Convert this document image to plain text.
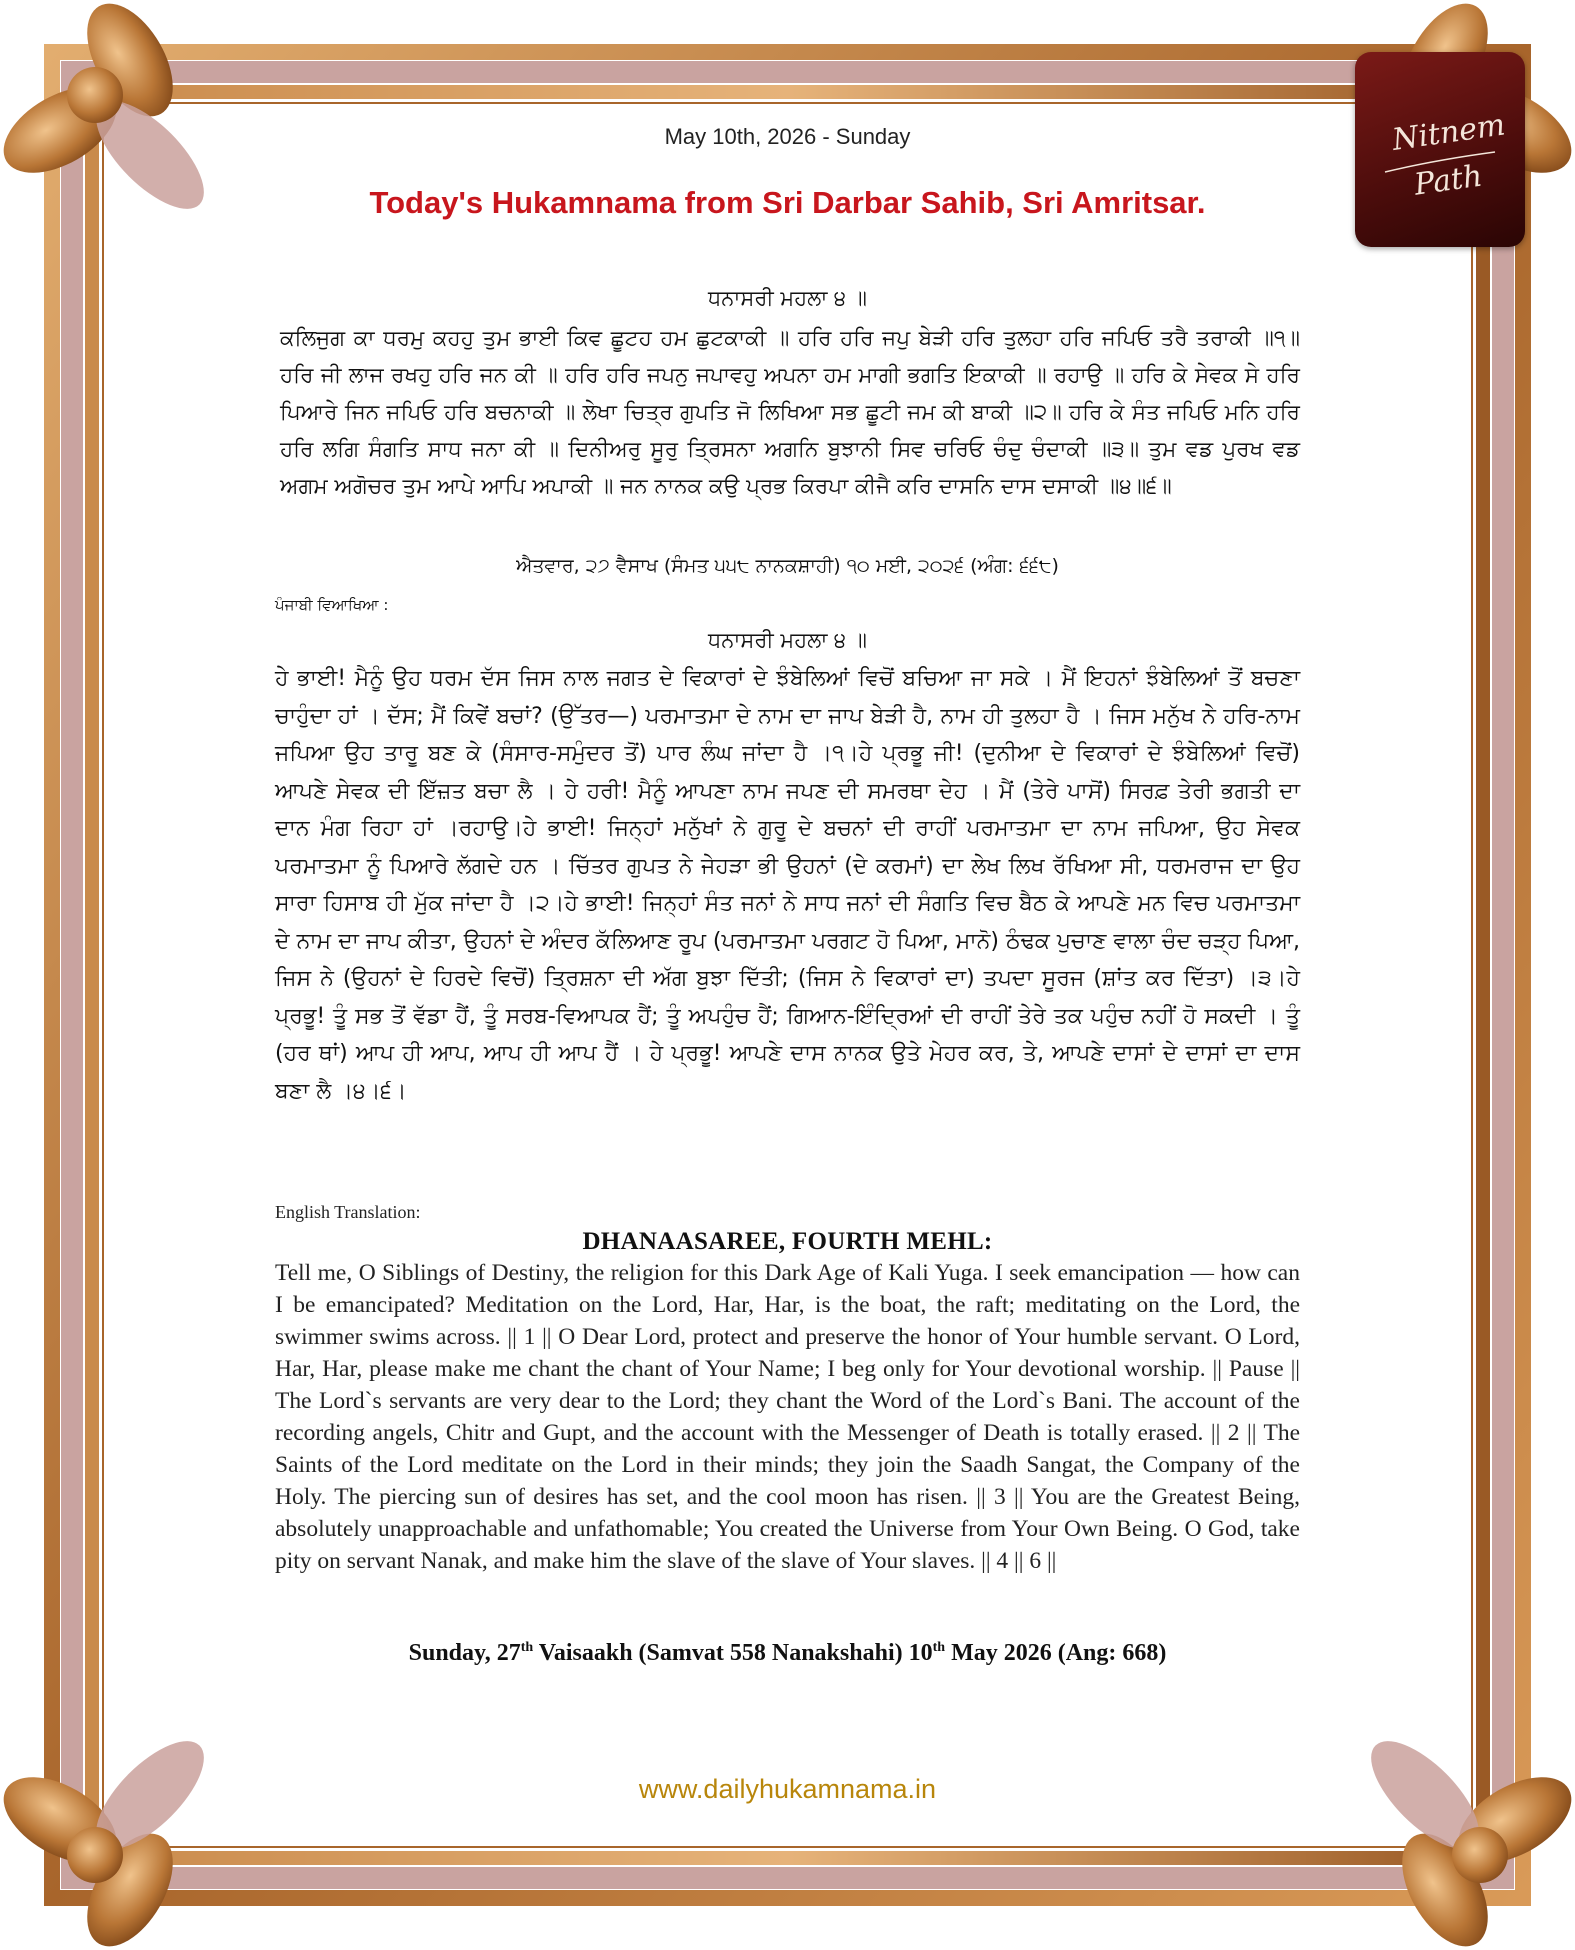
Nitnem
Path
May 10th, 2026 - Sunday
Today's Hukamnama from Sri Darbar Sahib, Sri Amritsar.
ਧਨਾਸਰੀ ਮਹਲਾ ੪ ॥
ਕਲਿਜੁਗ ਕਾ ਧਰਮੁ ਕਹਹੁ ਤੁਮ ਭਾਈ ਕਿਵ ਛੂਟਹ ਹਮ ਛੁਟਕਾਕੀ ॥ ਹਰਿ ਹਰਿ ਜਪੁ ਬੇੜੀ ਹਰਿ ਤੁਲਹਾ ਹਰਿ ਜਪਿਓ ਤਰੈ ਤਰਾਕੀ ॥੧॥ ਹਰਿ ਜੀ ਲਾਜ ਰਖਹੁ ਹਰਿ ਜਨ ਕੀ ॥ ਹਰਿ ਹਰਿ ਜਪਨੁ ਜਪਾਵਹੁ ਅਪਨਾ ਹਮ ਮਾਗੀ ਭਗਤਿ ਇਕਾਕੀ ॥ ਰਹਾਉ ॥ ਹਰਿ ਕੇ ਸੇਵਕ ਸੇ ਹਰਿ ਪਿਆਰੇ ਜਿਨ ਜਪਿਓ ਹਰਿ ਬਚਨਾਕੀ ॥ ਲੇਖਾ ਚਿਤ੍ਰ ਗੁਪਤਿ ਜੋ ਲਿਖਿਆ ਸਭ ਛੂਟੀ ਜਮ ਕੀ ਬਾਕੀ ॥੨॥ ਹਰਿ ਕੇ ਸੰਤ ਜਪਿਓ ਮਨਿ ਹਰਿ ਹਰਿ ਲਗਿ ਸੰਗਤਿ ਸਾਧ ਜਨਾ ਕੀ ॥ ਦਿਨੀਅਰੁ ਸੂਰੁ ਤ੍ਰਿਸਨਾ ਅਗਨਿ ਬੁਝਾਨੀ ਸਿਵ ਚਰਿਓ ਚੰਦੁ ਚੰਦਾਕੀ ॥੩॥ ਤੁਮ ਵਡ ਪੁਰਖ ਵਡ ਅਗਮ ਅਗੋਚਰ ਤੁਮ ਆਪੇ ਆਪਿ ਅਪਾਕੀ ॥ ਜਨ ਨਾਨਕ ਕਉ ਪ੍ਰਭ ਕਿਰਪਾ ਕੀਜੈ ਕਰਿ ਦਾਸਨਿ ਦਾਸ ਦਸਾਕੀ ॥੪॥੬॥
ਐਤਵਾਰ, ੨੭ ਵੈਸਾਖ (ਸੰਮਤ ੫੫੮ ਨਾਨਕਸ਼ਾਹੀ) ੧੦ ਮਈ, ੨੦੨੬ (ਅੰਗ: ੬੬੮)
ਪੰਜਾਬੀ ਵਿਆਖਿਆ :
ਧਨਾਸਰੀ ਮਹਲਾ ੪ ॥
ਹੇ ਭਾਈ! ਮੈਨੂੰ ਉਹ ਧਰਮ ਦੱਸ ਜਿਸ ਨਾਲ ਜਗਤ ਦੇ ਵਿਕਾਰਾਂ ਦੇ ਝੰਬੇਲਿਆਂ ਵਿਚੋਂ ਬਚਿਆ ਜਾ ਸਕੇ । ਮੈਂ ਇਹਨਾਂ ਝੰਬੇਲਿਆਂ ਤੋਂ ਬਚਣਾ ਚਾਹੁੰਦਾ ਹਾਂ । ਦੱਸ; ਮੈਂ ਕਿਵੇਂ ਬਚਾਂ? (ਉੱਤਰ—) ਪਰਮਾਤਮਾ ਦੇ ਨਾਮ ਦਾ ਜਾਪ ਬੇੜੀ ਹੈ, ਨਾਮ ਹੀ ਤੁਲਹਾ ਹੈ । ਜਿਸ ਮਨੁੱਖ ਨੇ ਹਰਿ-ਨਾਮ ਜਪਿਆ ਉਹ ਤਾਰੂ ਬਣ ਕੇ (ਸੰਸਾਰ-ਸਮੁੰਦਰ ਤੋਂ) ਪਾਰ ਲੰਘ ਜਾਂਦਾ ਹੈ ।੧।ਹੇ ਪ੍ਰਭੂ ਜੀ! (ਦੁਨੀਆ ਦੇ ਵਿਕਾਰਾਂ ਦੇ ਝੰਬੇਲਿਆਂ ਵਿਚੋਂ) ਆਪਣੇ ਸੇਵਕ ਦੀ ਇੱਜ਼ਤ ਬਚਾ ਲੈ । ਹੇ ਹਰੀ! ਮੈਨੂੰ ਆਪਣਾ ਨਾਮ ਜਪਣ ਦੀ ਸਮਰਥਾ ਦੇਹ । ਮੈਂ (ਤੇਰੇ ਪਾਸੋਂ) ਸਿਰਫ਼ ਤੇਰੀ ਭਗਤੀ ਦਾ ਦਾਨ ਮੰਗ ਰਿਹਾ ਹਾਂ ।ਰਹਾਉ।ਹੇ ਭਾਈ! ਜਿਨ੍ਹਾਂ ਮਨੁੱਖਾਂ ਨੇ ਗੁਰੂ ਦੇ ਬਚਨਾਂ ਦੀ ਰਾਹੀਂ ਪਰਮਾਤਮਾ ਦਾ ਨਾਮ ਜਪਿਆ, ਉਹ ਸੇਵਕ ਪਰਮਾਤਮਾ ਨੂੰ ਪਿਆਰੇ ਲੱਗਦੇ ਹਨ । ਚਿੱਤਰ ਗੁਪਤ ਨੇ ਜੇਹੜਾ ਭੀ ਉਹਨਾਂ (ਦੇ ਕਰਮਾਂ) ਦਾ ਲੇਖ ਲਿਖ ਰੱਖਿਆ ਸੀ, ਧਰਮਰਾਜ ਦਾ ਉਹ ਸਾਰਾ ਹਿਸਾਬ ਹੀ ਮੁੱਕ ਜਾਂਦਾ ਹੈ ।੨।ਹੇ ਭਾਈ! ਜਿਨ੍ਹਾਂ ਸੰਤ ਜਨਾਂ ਨੇ ਸਾਧ ਜਨਾਂ ਦੀ ਸੰਗਤਿ ਵਿਚ ਬੈਠ ਕੇ ਆਪਣੇ ਮਨ ਵਿਚ ਪਰਮਾਤਮਾ ਦੇ ਨਾਮ ਦਾ ਜਾਪ ਕੀਤਾ, ਉਹਨਾਂ ਦੇ ਅੰਦਰ ਕੱਲਿਆਣ ਰੂਪ (ਪਰਮਾਤਮਾ ਪਰਗਟ ਹੋ ਪਿਆ, ਮਾਨੋ) ਠੰਢਕ ਪੁਚਾਣ ਵਾਲਾ ਚੰਦ ਚੜ੍ਹ ਪਿਆ, ਜਿਸ ਨੇ (ਉਹਨਾਂ ਦੇ ਹਿਰਦੇ ਵਿਚੋਂ) ਤ੍ਰਿਸ਼ਨਾ ਦੀ ਅੱਗ ਬੁਝਾ ਦਿੱਤੀ; (ਜਿਸ ਨੇ ਵਿਕਾਰਾਂ ਦਾ) ਤਪਦਾ ਸੂਰਜ (ਸ਼ਾਂਤ ਕਰ ਦਿੱਤਾ) ।੩।ਹੇ ਪ੍ਰਭੂ! ਤੂੰ ਸਭ ਤੋਂ ਵੱਡਾ ਹੈਂ, ਤੂੰ ਸਰਬ-ਵਿਆਪਕ ਹੈਂ; ਤੂੰ ਅਪਹੁੰਚ ਹੈਂ; ਗਿਆਨ-ਇੰਦ੍ਰਿਆਂ ਦੀ ਰਾਹੀਂ ਤੇਰੇ ਤਕ ਪਹੁੰਚ ਨਹੀਂ ਹੋ ਸਕਦੀ । ਤੂੰ (ਹਰ ਥਾਂ) ਆਪ ਹੀ ਆਪ, ਆਪ ਹੀ ਆਪ ਹੈਂ । ਹੇ ਪ੍ਰਭੂ! ਆਪਣੇ ਦਾਸ ਨਾਨਕ ਉਤੇ ਮੇਹਰ ਕਰ, ਤੇ, ਆਪਣੇ ਦਾਸਾਂ ਦੇ ਦਾਸਾਂ ਦਾ ਦਾਸ ਬਣਾ ਲੈ ।੪।੬।
English Translation:
DHANAASAREE, FOURTH MEHL:
Tell me, O Siblings of Destiny, the religion for this Dark Age of Kali Yuga. I seek emancipation — how can I be emancipated? Meditation on the Lord, Har, Har, is the boat, the raft; meditating on the Lord, the swimmer swims across. || 1 || O Dear Lord, protect and preserve the honor of Your humble servant. O Lord, Har, Har, please make me chant the chant of Your Name; I beg only for Your devotional worship. || Pause || The Lord`s servants are very dear to the Lord; they chant the Word of the Lord`s Bani. The account of the recording angels, Chitr and Gupt, and the account with the Messenger of Death is totally erased. || 2 || The Saints of the Lord meditate on the Lord in their minds; they join the Saadh Sangat, the Company of the Holy. The piercing sun of desires has set, and the cool moon has risen. || 3 || You are the Greatest Being, absolutely unapproachable and unfathomable; You created the Universe from Your Own Being. O God, take pity on servant Nanak, and make him the slave of the slave of Your slaves. || 4 || 6 ||
Sunday, 27th Vaisaakh (Samvat 558 Nanakshahi) 10th May 2026 (Ang: 668)
www.dailyhukamnama.in
